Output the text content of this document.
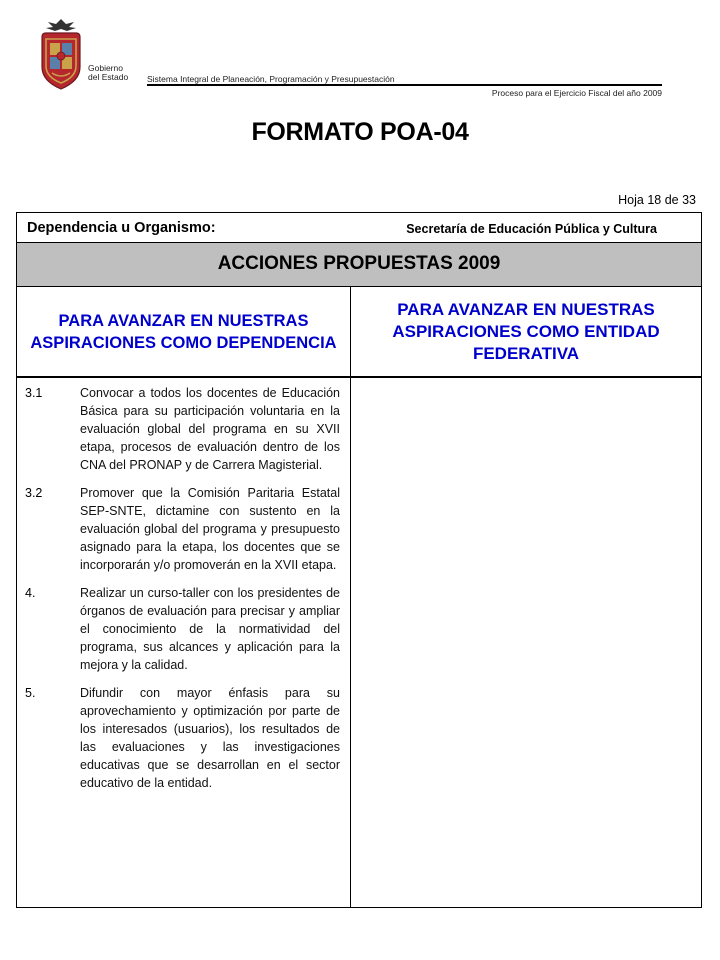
Gobierno
del Estado Sistema Integral de Planeación, Programación y Presupuestación
Proceso para el Ejercicio Fiscal del año 2009
FORMATO POA-04
Hoja 18 de 33
Dependencia u Organismo:	Secretaría de Educación Pública y Cultura
ACCIONES PROPUESTAS 2009
PARA AVANZAR EN NUESTRAS ASPIRACIONES COMO DEPENDENCIA
PARA AVANZAR EN NUESTRAS ASPIRACIONES COMO ENTIDAD FEDERATIVA
3.1	Convocar a todos los docentes de Educación Básica para su participación voluntaria en la evaluación global del programa en su XVII etapa, procesos de evaluación dentro de los CNA del PRONAP y de Carrera Magisterial.
3.2	Promover que la Comisión Paritaria Estatal SEP-SNTE, dictamine con sustento en la evaluación global del programa y presupuesto asignado para la etapa, los docentes que se incorporarán y/o promoverán en la XVII etapa.
4.	Realizar un curso-taller con los presidentes de órganos de evaluación para precisar y ampliar el conocimiento de la normatividad del programa, sus alcances y aplicación para la mejora y la calidad.
5.	Difundir con mayor énfasis para su aprovechamiento y optimización por parte de los interesados (usuarios), los resultados de las evaluaciones y las investigaciones educativas que se desarrollan en el sector educativo de la entidad.
